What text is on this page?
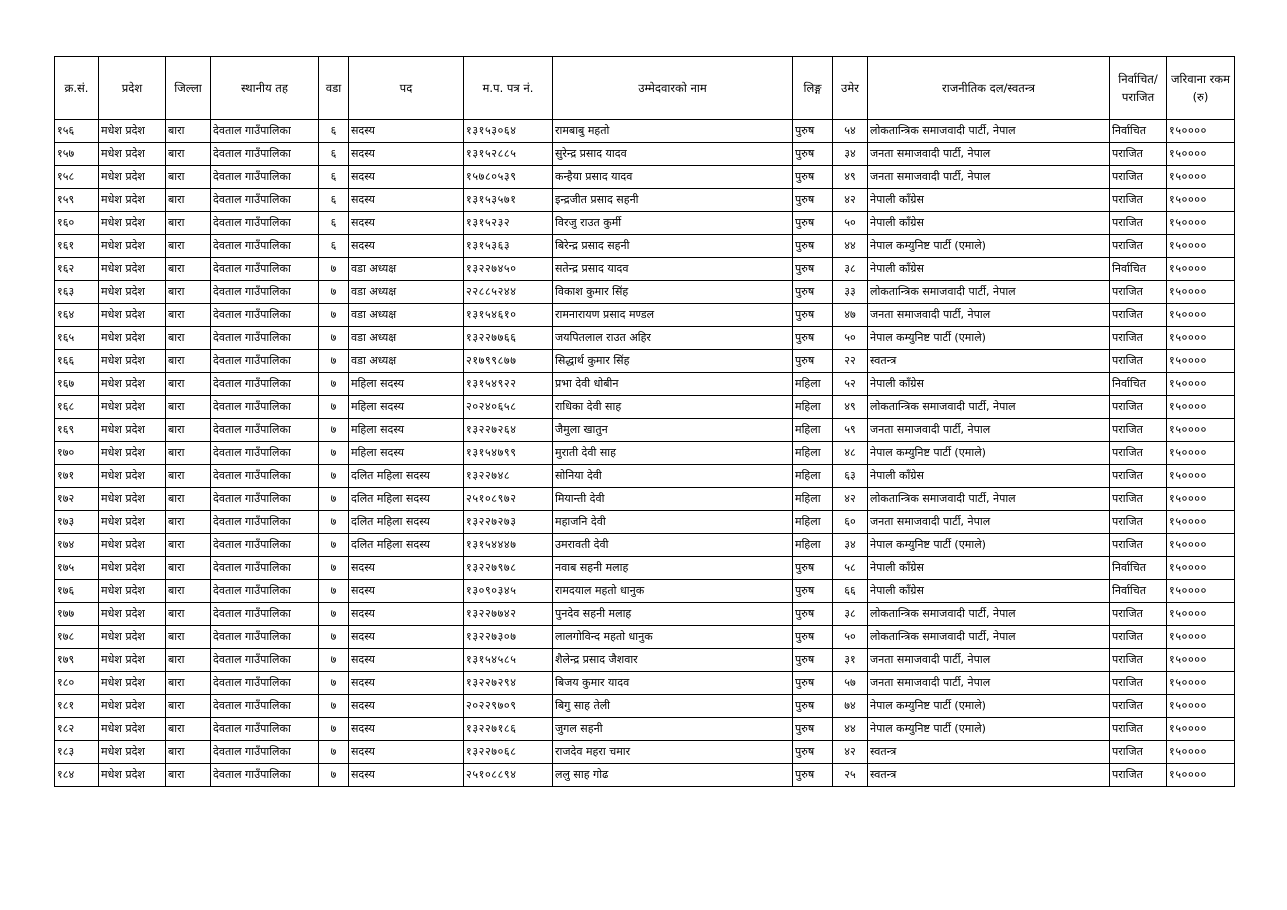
क्र.सं.	प्रदेश	जिल्ला	स्थानीय तह	वडा	पद	म.प. पत्र नं.	उम्मेदवारको नाम	लिङ्ग	उमेर	राजनीतिक दल/स्वतन्त्र	निर्वाचित/ पराजित	जरिवाना रकम (रु)
१५६	मधेश प्रदेश	बारा	देवताल गाउँपालिका	६	सदस्य	१३१५३०६४	रामबाबु महतो	पुरुष	५४	लोकतान्त्रिक समाजवादी पार्टी, नेपाल	निर्वाचित	१५००००
१५७	मधेश प्रदेश	बारा	देवताल गाउँपालिका	६	सदस्य	१३१५२८८५	सुरेन्द्र प्रसाद यादव	पुरुष	३४	जनता समाजवादी पार्टी, नेपाल	पराजित	१५००००
१५८	मधेश प्रदेश	बारा	देवताल गाउँपालिका	६	सदस्य	१५७८०५३९	कन्हैया प्रसाद यादव	पुरुष	४९	जनता समाजवादी पार्टी, नेपाल	पराजित	१५००००
१५९	मधेश प्रदेश	बारा	देवताल गाउँपालिका	६	सदस्य	१३१५३५७१	इन्द्रजीत प्रसाद सहनी	पुरुष	४२	नेपाली काँग्रेस	पराजित	१५००००
१६०	मधेश प्रदेश	बारा	देवताल गाउँपालिका	६	सदस्य	१३१५२३२	विरजु राउत कुर्मी	पुरुष	५०	नेपाली काँग्रेस	पराजित	१५००००
१६१	मधेश प्रदेश	बारा	देवताल गाउँपालिका	६	सदस्य	१३१५३६३	बिरेन्द्र प्रसाद सहनी	पुरुष	४४	नेपाल कम्युनिष्ट पार्टी (एमाले)	पराजित	१५००००
१६२	मधेश प्रदेश	बारा	देवताल गाउँपालिका	७	वडा अध्यक्ष	१३२२७४५०	सतेन्द्र प्रसाद यादव	पुरुष	३८	नेपाली काँग्रेस	निर्वाचित	१५००००
१६३	मधेश प्रदेश	बारा	देवताल गाउँपालिका	७	वडा अध्यक्ष	२२८८५२४४	विकाश कुमार सिंह	पुरुष	३३	लोकतान्त्रिक समाजवादी पार्टी, नेपाल	पराजित	१५००००
१६४	मधेश प्रदेश	बारा	देवताल गाउँपालिका	७	वडा अध्यक्ष	१३१५४६१०	रामनारायण प्रसाद मण्डल	पुरुष	४७	जनता समाजवादी पार्टी, नेपाल	पराजित	१५००००
१६५	मधेश प्रदेश	बारा	देवताल गाउँपालिका	७	वडा अध्यक्ष	१३२२७७६६	जयपितलाल राउत अहिर	पुरुष	५०	नेपाल कम्युनिष्ट पार्टी (एमाले)	पराजित	१५००००
१६६	मधेश प्रदेश	बारा	देवताल गाउँपालिका	७	वडा अध्यक्ष	२१७९९८७७	सिद्धार्थ कुमार सिंह	पुरुष	२२	स्वतन्त्र	पराजित	१५००००
१६७	मधेश प्रदेश	बारा	देवताल गाउँपालिका	७	महिला सदस्य	१३१५४९२२	प्रभा देवी धोबीन	महिला	५२	नेपाली काँग्रेस	निर्वाचित	१५००००
१६८	मधेश प्रदेश	बारा	देवताल गाउँपालिका	७	महिला सदस्य	२०२४०६५८	राधिका देवी साह	महिला	४९	लोकतान्त्रिक समाजवादी पार्टी, नेपाल	पराजित	१५००००
१६९	मधेश प्रदेश	बारा	देवताल गाउँपालिका	७	महिला सदस्य	१३२२७२६४	जैमुला खातुन	महिला	५९	जनता समाजवादी पार्टी, नेपाल	पराजित	१५००००
१७०	मधेश प्रदेश	बारा	देवताल गाउँपालिका	७	महिला सदस्य	१३१५४७९९	मुराती देवी साह	महिला	४८	नेपाल कम्युनिष्ट पार्टी (एमाले)	पराजित	१५००००
१७१	मधेश प्रदेश	बारा	देवताल गाउँपालिका	७	दलित महिला सदस्य	१३२२७४८	सोनिया देवी	महिला	६३	नेपाली काँग्रेस	पराजित	१५००००
१७२	मधेश प्रदेश	बारा	देवताल गाउँपालिका	७	दलित महिला सदस्य	२५१०८९७२	मियान्ती देवी	महिला	४२	लोकतान्त्रिक समाजवादी पार्टी, नेपाल	पराजित	१५००००
१७३	मधेश प्रदेश	बारा	देवताल गाउँपालिका	७	दलित महिला सदस्य	१३२२७२७३	महाजनि देवी	महिला	६०	जनता समाजवादी पार्टी, नेपाल	पराजित	१५००००
१७४	मधेश प्रदेश	बारा	देवताल गाउँपालिका	७	दलित महिला सदस्य	१३१५४४४७	उमरावती देवी	महिला	३४	नेपाल कम्युनिष्ट पार्टी (एमाले)	पराजित	१५००००
१७५	मधेश प्रदेश	बारा	देवताल गाउँपालिका	७	सदस्य	१३२२७९७८	नवाब सहनी मलाह	पुरुष	५८	नेपाली काँग्रेस	निर्वाचित	१५००००
१७६	मधेश प्रदेश	बारा	देवताल गाउँपालिका	७	सदस्य	१३०९०३४५	रामदयाल महतो धानुक	पुरुष	६६	नेपाली काँग्रेस	निर्वाचित	१५००००
१७७	मधेश प्रदेश	बारा	देवताल गाउँपालिका	७	सदस्य	१३२२७७४२	पुनदेव सहनी मलाह	पुरुष	३८	लोकतान्त्रिक समाजवादी पार्टी, नेपाल	पराजित	१५००००
१७८	मधेश प्रदेश	बारा	देवताल गाउँपालिका	७	सदस्य	१३२२७३०७	लालगोविन्द महतो धानुक	पुरुष	५०	लोकतान्त्रिक समाजवादी पार्टी, नेपाल	पराजित	१५००००
१७९	मधेश प्रदेश	बारा	देवताल गाउँपालिका	७	सदस्य	१३१५४५८५	शैलेन्द्र प्रसाद जैशवार	पुरुष	३१	जनता समाजवादी पार्टी, नेपाल	पराजित	१५००००
१८०	मधेश प्रदेश	बारा	देवताल गाउँपालिका	७	सदस्य	१३२२७२९४	बिजय कुमार यादव	पुरुष	५७	जनता समाजवादी पार्टी, नेपाल	पराजित	१५००००
१८१	मधेश प्रदेश	बारा	देवताल गाउँपालिका	७	सदस्य	२०२२९७०९	बिगु साह तेली	पुरुष	७४	नेपाल कम्युनिष्ट पार्टी (एमाले)	पराजित	१५००००
१८२	मधेश प्रदेश	बारा	देवताल गाउँपालिका	७	सदस्य	१३२२७१८६	जुगल सहनी	पुरुष	४४	नेपाल कम्युनिष्ट पार्टी (एमाले)	पराजित	१५००००
१८३	मधेश प्रदेश	बारा	देवताल गाउँपालिका	७	सदस्य	१३२२७०६८	राजदेव महरा चमार	पुरुष	४२	स्वतन्त्र	पराजित	१५००००
१८४	मधेश प्रदेश	बारा	देवताल गाउँपालिका	७	सदस्य	२५१०८८९४	ललु साह गोढ	पुरुष	२५	स्वतन्त्र	पराजित	१५००००
